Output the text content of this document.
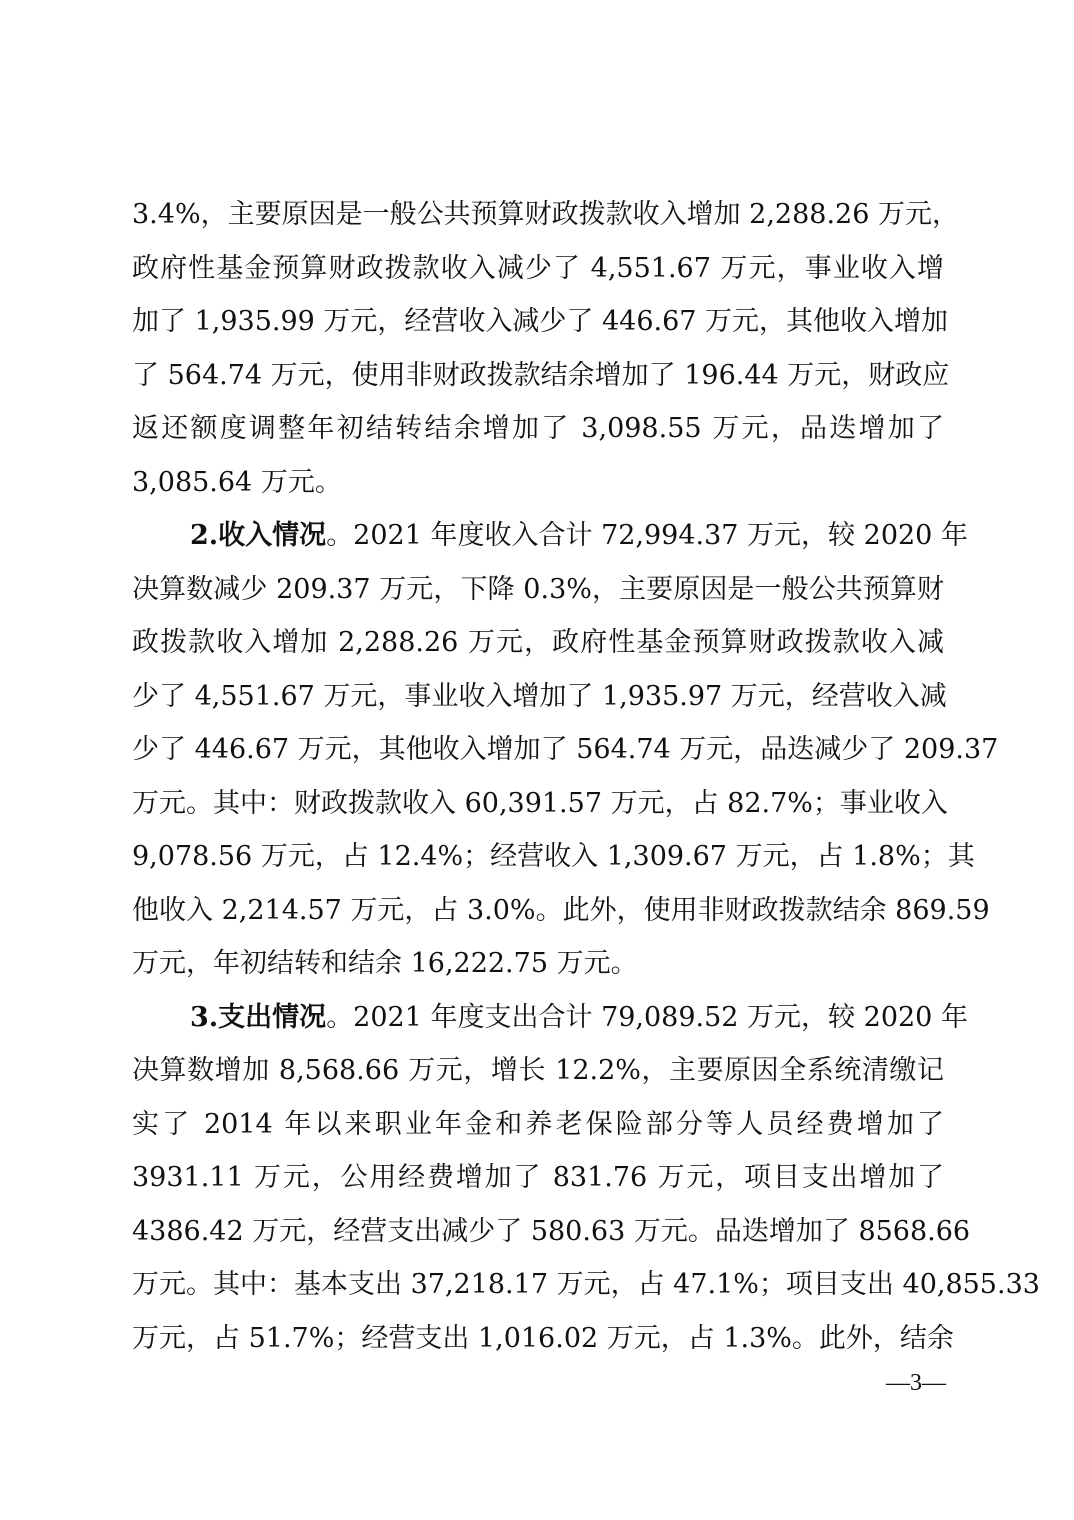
3.4%，主要原因是一般公共预算财政拨款收入增加 2,288.26 万元，
政府性基金预算财政拨款收入减少了 4,551.67 万元，事业收入增
加了 1,935.99 万元，经营收入减少了 446.67 万元，其他收入增加
了 564.74 万元，使用非财政拨款结余增加了 196.44 万元，财政应
返还额度调整年初结转结余增加了 3,098.55 万元，品迭增加了
3,085.64 万元。
2.收入情况。2021 年度收入合计 72,994.37 万元，较 2020 年
决算数减少 209.37 万元，下降 0.3%，主要原因是一般公共预算财
政拨款收入增加 2,288.26 万元，政府性基金预算财政拨款收入减
少了 4,551.67 万元，事业收入增加了 1,935.97 万元，经营收入减
少了 446.67 万元，其他收入增加了 564.74 万元，品迭减少了 209.37
万元。其中：财政拨款收入 60,391.57 万元，占 82.7%；事业收入
9,078.56 万元，占 12.4%；经营收入 1,309.67 万元，占 1.8%；其
他收入 2,214.57 万元，占 3.0%。此外，使用非财政拨款结余 869.59
万元，年初结转和结余 16,222.75 万元。
3.支出情况。2021 年度支出合计 79,089.52 万元，较 2020 年
决算数增加 8,568.66 万元，增长 12.2%，主要原因全系统清缴记
实了 2014 年以来职业年金和养老保险部分等人员经费增加了
3931.11 万元，公用经费增加了 831.76 万元，项目支出增加了
4386.42 万元，经营支出减少了 580.63 万元。品迭增加了 8568.66
万元。其中：基本支出 37,218.17 万元，占 47.1%；项目支出 40,855.33
万元，占 51.7%；经营支出 1,016.02 万元，占 1.3%。此外，结余
—3—
